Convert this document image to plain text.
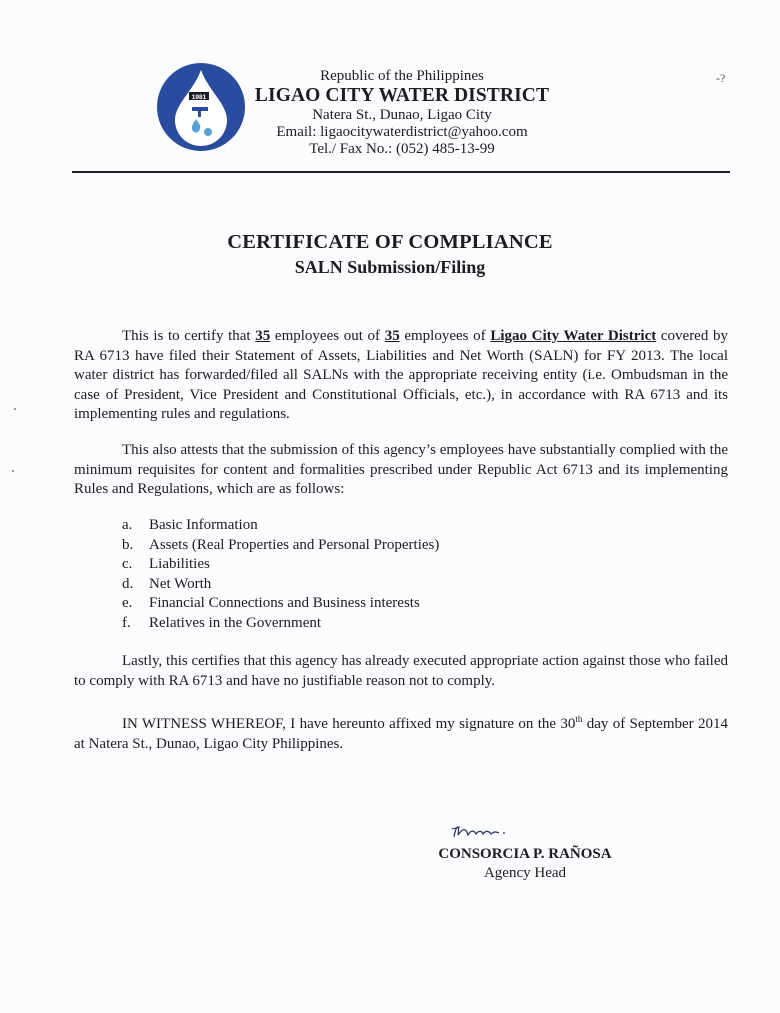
1981
Republic of the Philippines
LIGAO CITY WATER DISTRICT
Natera St., Dunao, Ligao City
Email: ligaocitywaterdistrict@yahoo.com
Tel./ Fax No.: (052) 485-13-99
-?
CERTIFICATE OF COMPLIANCE
SALN Submission/Filing
This is to certify that 35 employees out of 35 employees of Ligao City Water District covered by RA 6713 have filed their Statement of Assets, Liabilities and Net Worth (SALN) for FY 2013. The local water district has forwarded/filed all SALNs with the appropriate receiving entity (i.e. Ombudsman in the case of President, Vice President and Constitutional Officials, etc.), in accordance with RA 6713 and its implementing rules and regulations.
This also attests that the submission of this agency’s employees have substantially complied with the minimum requisites for content and formalities prescribed under Republic Act 6713 and its implementing Rules and Regulations, which are as follows:
a.	Basic Information
b.	Assets (Real Properties and Personal Properties)
c.	Liabilities
d.	Net Worth
e.	Financial Connections and Business interests
f.	Relatives in the Government
Lastly, this certifies that this agency has already executed appropriate action against those who failed to comply with RA 6713 and have no justifiable reason not to comply.
IN WITNESS WHEREOF, I have hereunto affixed my signature on the 30th day of September 2014 at Natera St., Dunao, Ligao City Philippines.
CONSORCIA P. RAÑOSA
Agency Head
